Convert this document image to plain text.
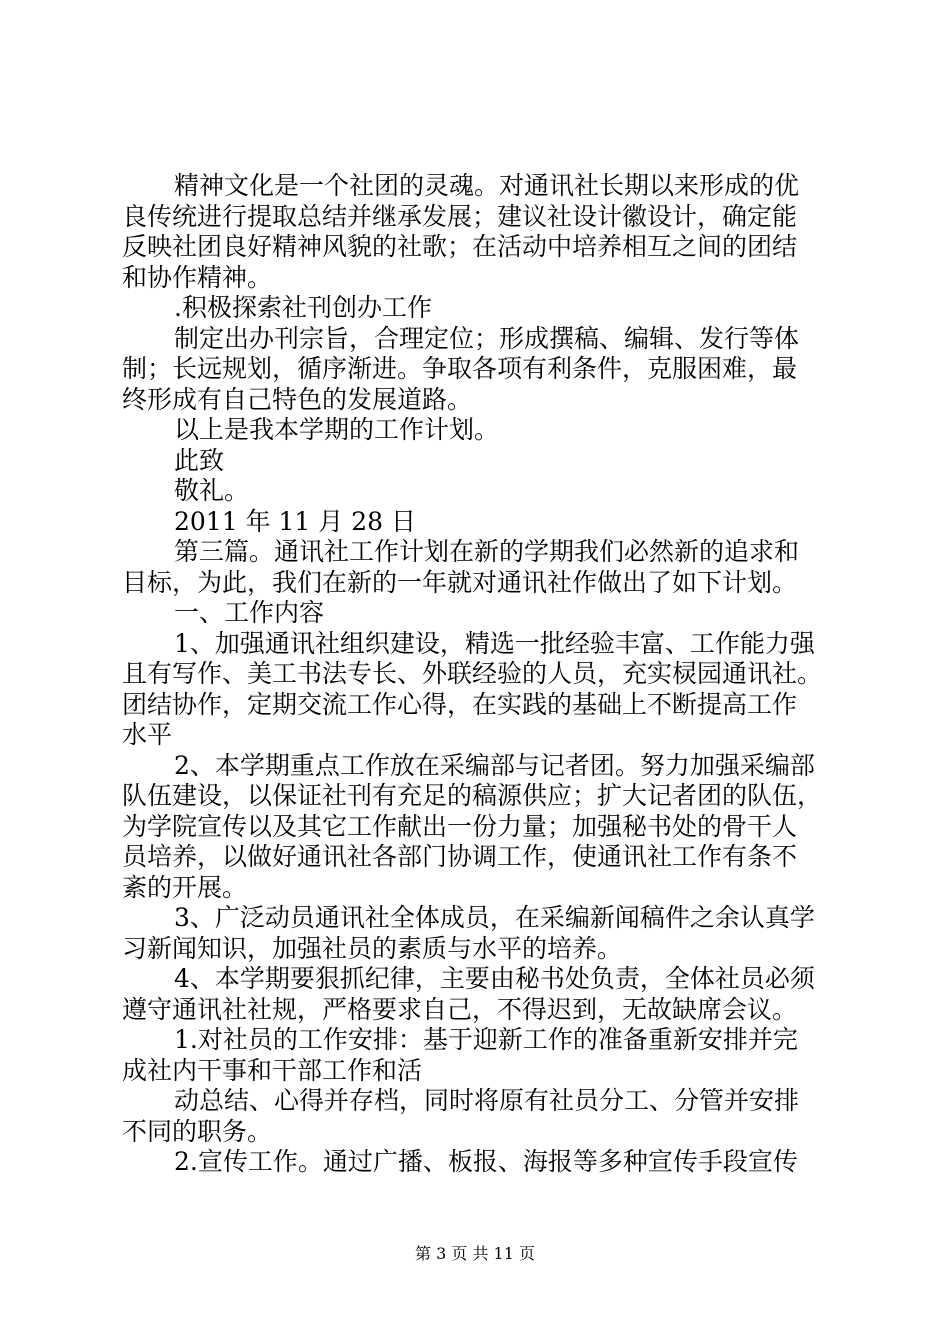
精神文化是一个社团的灵魂。对通讯社长期以来形成的优
良传统进行提取总结并继承发展；建议社设计徽设计，确定能
反映社团良好精神风貌的社歌；在活动中培养相互之间的团结
和协作精神。
.积极探索社刊创办工作
制定出办刊宗旨，合理定位；形成撰稿、编辑、发行等体
制；长远规划，循序渐进。争取各项有利条件，克服困难，最
终形成有自己特色的发展道路。
以上是我本学期的工作计划。
此致
敬礼。
2011 年 11 月 28 日
第三篇。通讯社工作计划在新的学期我们必然新的追求和
目标，为此，我们在新的一年就对通讯社作做出了如下计划。
一、工作内容
1、加强通讯社组织建设，精选一批经验丰富、工作能力强
且有写作、美工书法专长、外联经验的人员，充实棂园通讯社。
团结协作，定期交流工作心得，在实践的基础上不断提高工作
水平
2、本学期重点工作放在采编部与记者团。努力加强采编部
队伍建设，以保证社刊有充足的稿源供应；扩大记者团的队伍，
为学院宣传以及其它工作献出一份力量；加强秘书处的骨干人
员培养，以做好通讯社各部门协调工作，使通讯社工作有条不
紊的开展。
3、广泛动员通讯社全体成员，在采编新闻稿件之余认真学
习新闻知识，加强社员的素质与水平的培养。
4、本学期要狠抓纪律，主要由秘书处负责，全体社员必须
遵守通讯社社规，严格要求自己，不得迟到，无故缺席会议。
1.对社员的工作安排：基于迎新工作的准备重新安排并完
成社内干事和干部工作和活
动总结、心得并存档，同时将原有社员分工、分管并安排
不同的职务。
2.宣传工作。通过广播、板报、海报等多种宣传手段宣传
第 3 页 共 11 页
